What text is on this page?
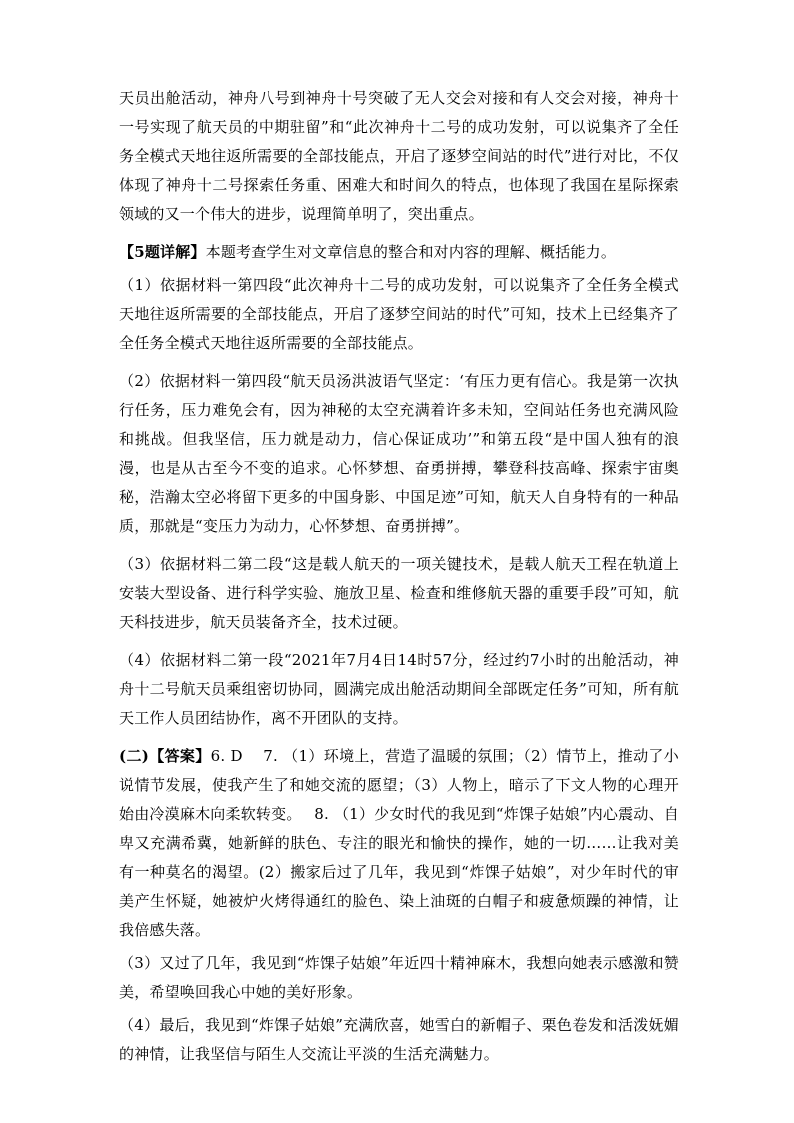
天员出舱活动，神舟八号到神舟十号突破了无人交会对接和有人交会对接，神舟十一号实现了航天员的中期驻留”和“此次神舟十二号的成功发射，可以说集齐了全任务全模式天地往返所需要的全部技能点，开启了逐梦空间站的时代”进行对比，不仅体现了神舟十二号探索任务重、困难大和时间久的特点，也体现了我国在星际探索领域的又一个伟大的进步，说理简单明了，突出重点。

【5题详解】本题考查学生对文章信息的整合和对内容的理解、概括能力。

（1）依据材料一第四段“此次神舟十二号的成功发射，可以说集齐了全任务全模式天地往返所需要的全部技能点，开启了逐梦空间站的时代”可知，技术上已经集齐了全任务全模式天地往返所需要的全部技能点。

（2）依据材料一第四段“航天员汤洪波语气坚定：‘有压力更有信心。我是第一次执行任务，压力难免会有，因为神秘的太空充满着许多未知，空间站任务也充满风险和挑战。但我坚信，压力就是动力，信心保证成功’”和第五段“是中国人独有的浪漫，也是从古至今不变的追求。心怀梦想、奋勇拼搏，攀登科技高峰、探索宇宙奥秘，浩瀚太空必将留下更多的中国身影、中国足迹”可知，航天人自身特有的一种品质，那就是“变压力为动力，心怀梦想、奋勇拼搏”。

（3）依据材料二第二段“这是载人航天的一项关键技术，是载人航天工程在轨道上安装大型设备、进行科学实验、施放卫星、检查和维修航天器的重要手段”可知，航天科技进步，航天员装备齐全，技术过硬。

（4）依据材料二第一段“2021年7月4日14时57分，经过约7小时的出舱活动，神舟十二号航天员乘组密切协同，圆满完成出舱活动期间全部既定任务”可知，所有航天工作人员团结协作，离不开团队的支持。

(二)【答案】6. D　 7. （1）环境上，营造了温暖的氛围；（2）情节上，推动了小说情节发展，使我产生了和她交流的愿望；（3）人物上，暗示了下文人物的心理开始由冷漠麻木向柔软转变。　 8. （1）少女时代的我见到“炸馃子姑娘”内心震动、自卑又充满希冀，她新鲜的肤色、专注的眼光和愉快的操作，她的一切……让我对美有一种莫名的渴望。(2）搬家后过了几年，我见到“炸馃子姑娘”，对少年时代的审美产生怀疑，她被炉火烤得通红的脸色、染上油斑的白帽子和疲惫烦躁的神情，让我倍感失落。

（3）又过了几年，我见到“炸馃子姑娘”年近四十精神麻木，我想向她表示感激和赞美，希望唤回我心中她的美好形象。

（4）最后，我见到“炸馃子姑娘”充满欣喜，她雪白的新帽子、栗色卷发和活泼妩媚的神情，让我坚信与陌生人交流让平淡的生活充满魅力。
